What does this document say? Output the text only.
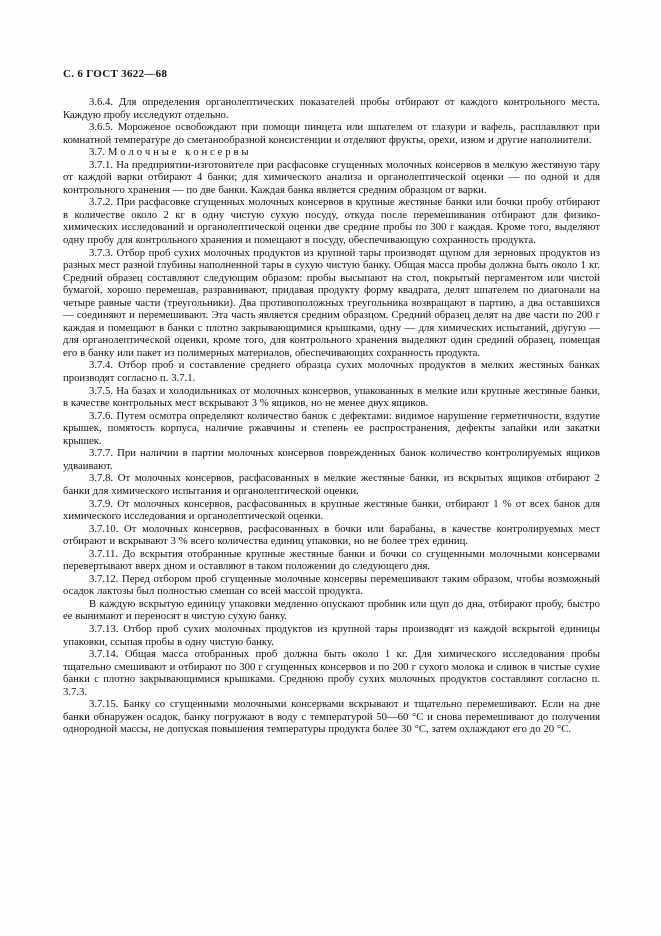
С. 6 ГОСТ 3622—68

3.6.4. Для определения органолептических показателей пробы отбирают от каждого контрольного места. Каждую пробу исследуют отдельно.

3.6.5. Мороженое освобождают при помощи пинцета или шпателем от глазури и вафель, расплавляют при комнатной температуре до сметанообразной консистенции и отделяют фрукты, орехи, изюм и другие наполнители.

3.7. М о л о ч н ы е   к о н с е р в ы

3.7.1. На предприятии-изготовителе при расфасовке сгущенных молочных консервов в мелкую жестяную тару от каждой варки отбирают 4 банки; для химического анализа и органолептической оценки — по одной и для контрольного хранения — по две банки. Каждая банка является средним образцом от варки.

3.7.2. При расфасовке сгущенных молочных консервов в крупные жестяные банки или бочки пробу отбирают в количестве около 2 кг в одну чистую сухую посуду, откуда после перемешивания отбирают для физико-химических исследований и органолептической оценки две средние пробы по 300 г каждая. Кроме того, выделяют одну пробу для контрольного хранения и помещают в посуду, обеспечивающую сохранность продукта.

3.7.3. Отбор проб сухих молочных продуктов из крупной тары производят щупом для зерновых продуктов из разных мест разной глубины наполненной тары в сухую чистую банку. Общая масса пробы должна быть около 1 кг. Средний образец составляют следующим образом: пробы высыпают на стол, покрытый пергаментом или чистой бумагой, хорошо перемешав, разравнивают, придавая продукту форму квадрата, делят шпателем по диагонали на четыре равные части (треугольники). Два противоположных треугольника возвращают в партию, а два оставшихся — соединяют и перемешивают. Эта часть является средним образцом. Средний образец делят на две части по 200 г каждая и помещают в банки с плотно закрывающимися крышками, одну — для химических испытаний, другую — для органолептической оценки, кроме того, для контрольного хранения выделяют один средний образец, помещая его в банку или пакет из полимерных материалов, обеспечивающих сохранность продукта.

3.7.4. Отбор проб и составление среднего образца сухих молочных продуктов в мелких жестяных банках производят согласно п. 3.7.1.

3.7.5. На базах и холодильниках от молочных консервов, упакованных в мелкие или крупные жестяные банки, в качестве контрольных мест вскрывают 3 % ящиков, но не менее двух ящиков.

3.7.6. Путем осмотра определяют количество банок с дефектами: видимое нарушение герметичности, вздутие крышек, помятость корпуса, наличие ржавчины и степень ее распространения, дефекты запайки или закатки крышек.

3.7.7. При наличии в партии молочных консервов поврежденных банок количество контролируемых ящиков удваивают.

3.7.8. От молочных консервов, расфасованных в мелкие жестяные банки, из вскрытых ящиков отбирают 2 банки для химического испытания и органолептической оценки.

3.7.9. От молочных консервов, расфасованных в крупные жестяные банки, отбирают 1 % от всех банок для химического исследования и органолептической оценки.

3.7.10. От молочных консервов, расфасованных в бочки или барабаны, в качестве контролируемых мест отбирают и вскрывают 3 % всего количества единиц упаковки, но не более трех единиц.

3.7.11. До вскрытия отобранные крупные жестяные банки и бочки со сгущенными молочными консервами перевертывают вверх дном и оставляют в таком положении до следующего дня.

3.7.12. Перед отбором проб сгущенные молочные консервы перемешивают таким образом, чтобы возможный осадок лактозы был полностью смешан со всей массой продукта.

В каждую вскрытую единицу упаковки медленно опускают пробник или щуп до дна, отбирают пробу, быстро ее вынимают и переносят в чистую сухую банку.

3.7.13. Отбор проб сухих молочных продуктов из крупной тары производят из каждой вскрытой единицы упаковки, ссыпая пробы в одну чистую банку.

3.7.14. Общая масса отобранных проб должна быть около 1 кг. Для химического исследования пробы тщательно смешивают и отбирают по 300 г сгущенных консервов и по 200 г сухого молока и сливок в чистые сухие банки с плотно закрывающимися крышками. Среднюю пробу сухих молочных продуктов составляют согласно п. 3.7.3.

3.7.15. Банку со сгущенными молочными консервами вскрывают и тщательно перемешивают. Если на дне банки обнаружен осадок, банку погружают в воду с температурой 50—60 °С и снова перемешивают до получения однородной массы, не допуская повышения температуры продукта более 30 °С, затем охлаждают его до 20 °С.
